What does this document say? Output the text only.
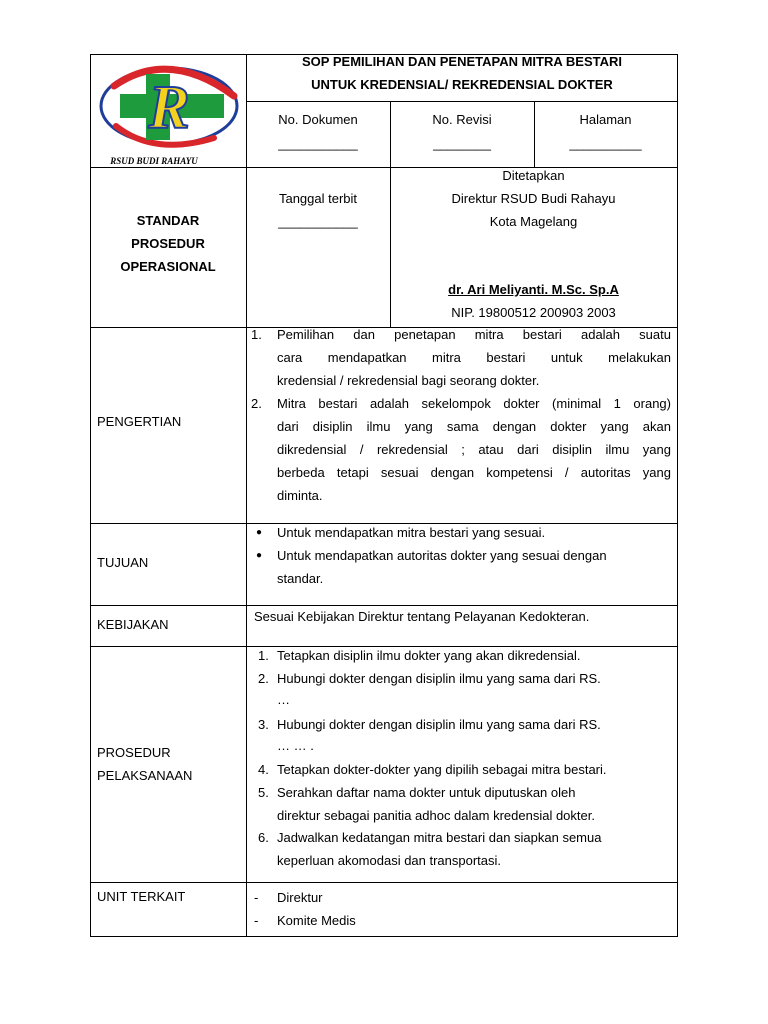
R
RSUD BUDI RAHAYU
SOP PEMILIHAN DAN PENETAPAN MITRA BESTARI
UNTUK KREDENSIAL/ REKREDENSIAL DOKTER
No. Dokumen
___________
No. Revisi
________
Halaman
__________
STANDAR
PROSEDUR
OPERASIONAL
Tanggal terbit
___________
Ditetapkan
Direktur RSUD Budi Rahayu
Kota Magelang
dr. Ari Meliyanti. M.Sc. Sp.A
NIP. 19800512 200903 2003
PENGERTIAN
1. Pemilihan dan penetapan mitra bestari adalah suatu
cara mendapatkan mitra bestari untuk melakukan
kredensial / rekredensial bagi seorang dokter.
2. Mitra bestari adalah sekelompok dokter (minimal 1 orang)
dari disiplin ilmu yang sama dengan dokter yang akan
dikredensial / rekredensial ; atau dari disiplin ilmu yang
berbeda tetapi sesuai dengan kompetensi / autoritas yang
diminta.
TUJUAN
● Untuk mendapatkan mitra bestari yang sesuai.
● Untuk mendapatkan autoritas dokter yang sesuai dengan
standar.
KEBIJAKAN
Sesuai Kebijakan Direktur tentang Pelayanan Kedokteran.
PROSEDUR
PELAKSANAAN
1. Tetapkan disiplin ilmu dokter yang akan dikredensial.
2. Hubungi dokter dengan disiplin ilmu yang sama dari RS.
…
3. Hubungi dokter dengan disiplin ilmu yang sama dari RS.
… … .
4. Tetapkan dokter-dokter yang dipilih sebagai mitra bestari.
5. Serahkan daftar nama dokter untuk diputuskan oleh
direktur sebagai panitia adhoc dalam kredensial dokter.
6. Jadwalkan kedatangan mitra bestari dan siapkan semua
keperluan akomodasi dan transportasi.
UNIT TERKAIT	- Direktur
- Komite Medis
